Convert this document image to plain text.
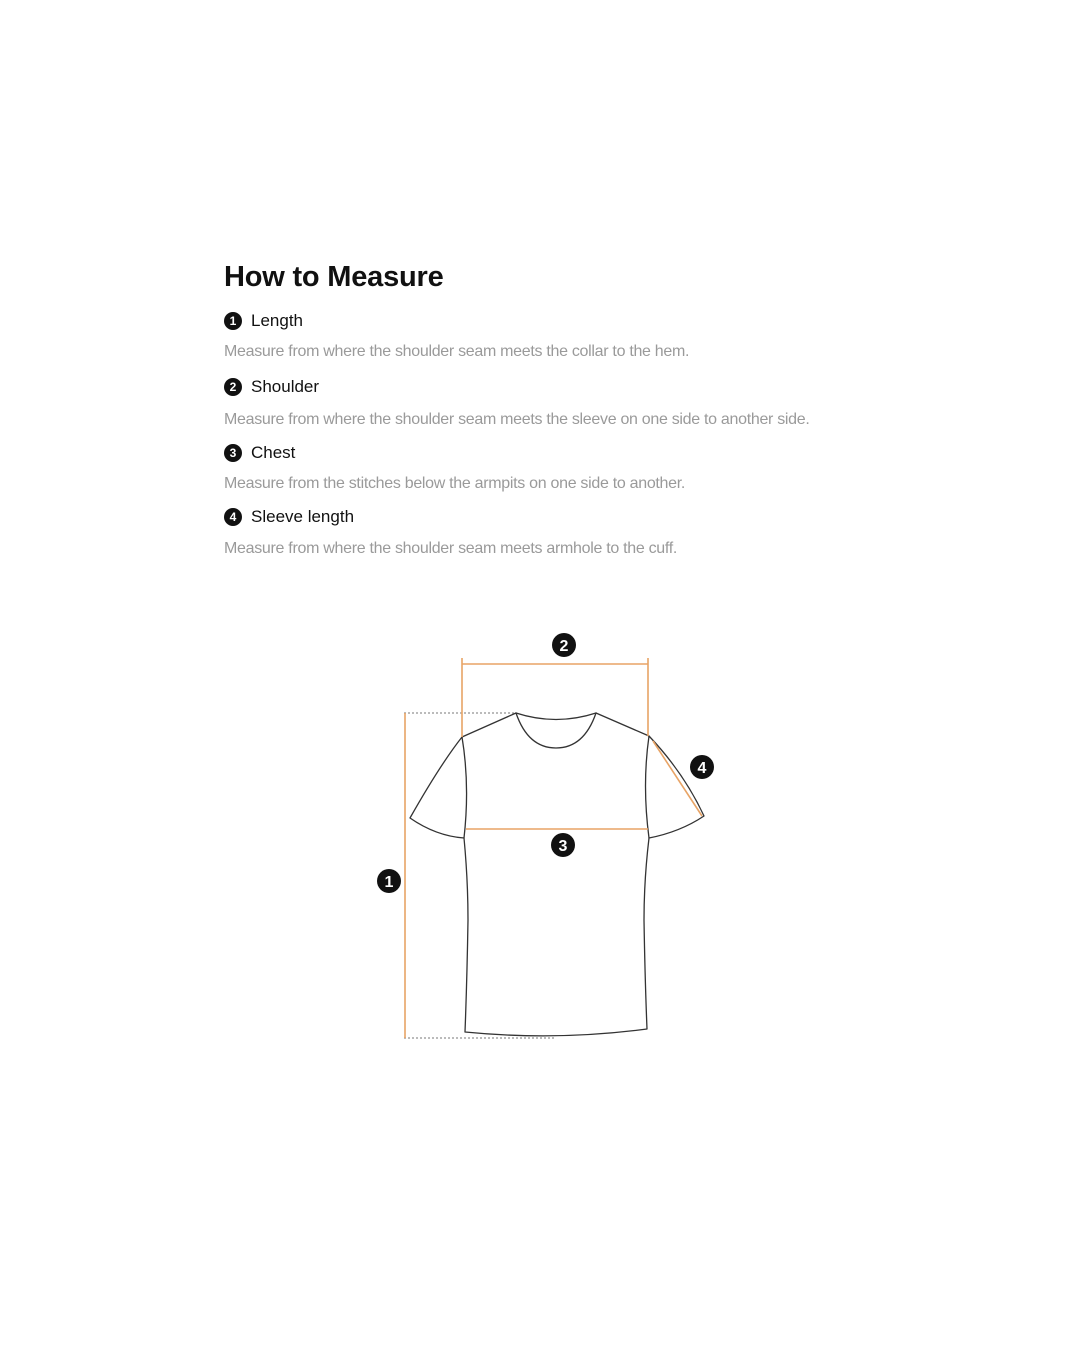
How to Measure
1 Length
Measure from where the shoulder seam meets the collar to the hem.
2 Shoulder
Measure from where the shoulder seam meets the sleeve on one side to another side.
3 Chest
Measure from the stitches below the armpits on one side to another.
4 Sleeve length
Measure from where the shoulder seam meets armhole to the cuff.
1
2
3
4
